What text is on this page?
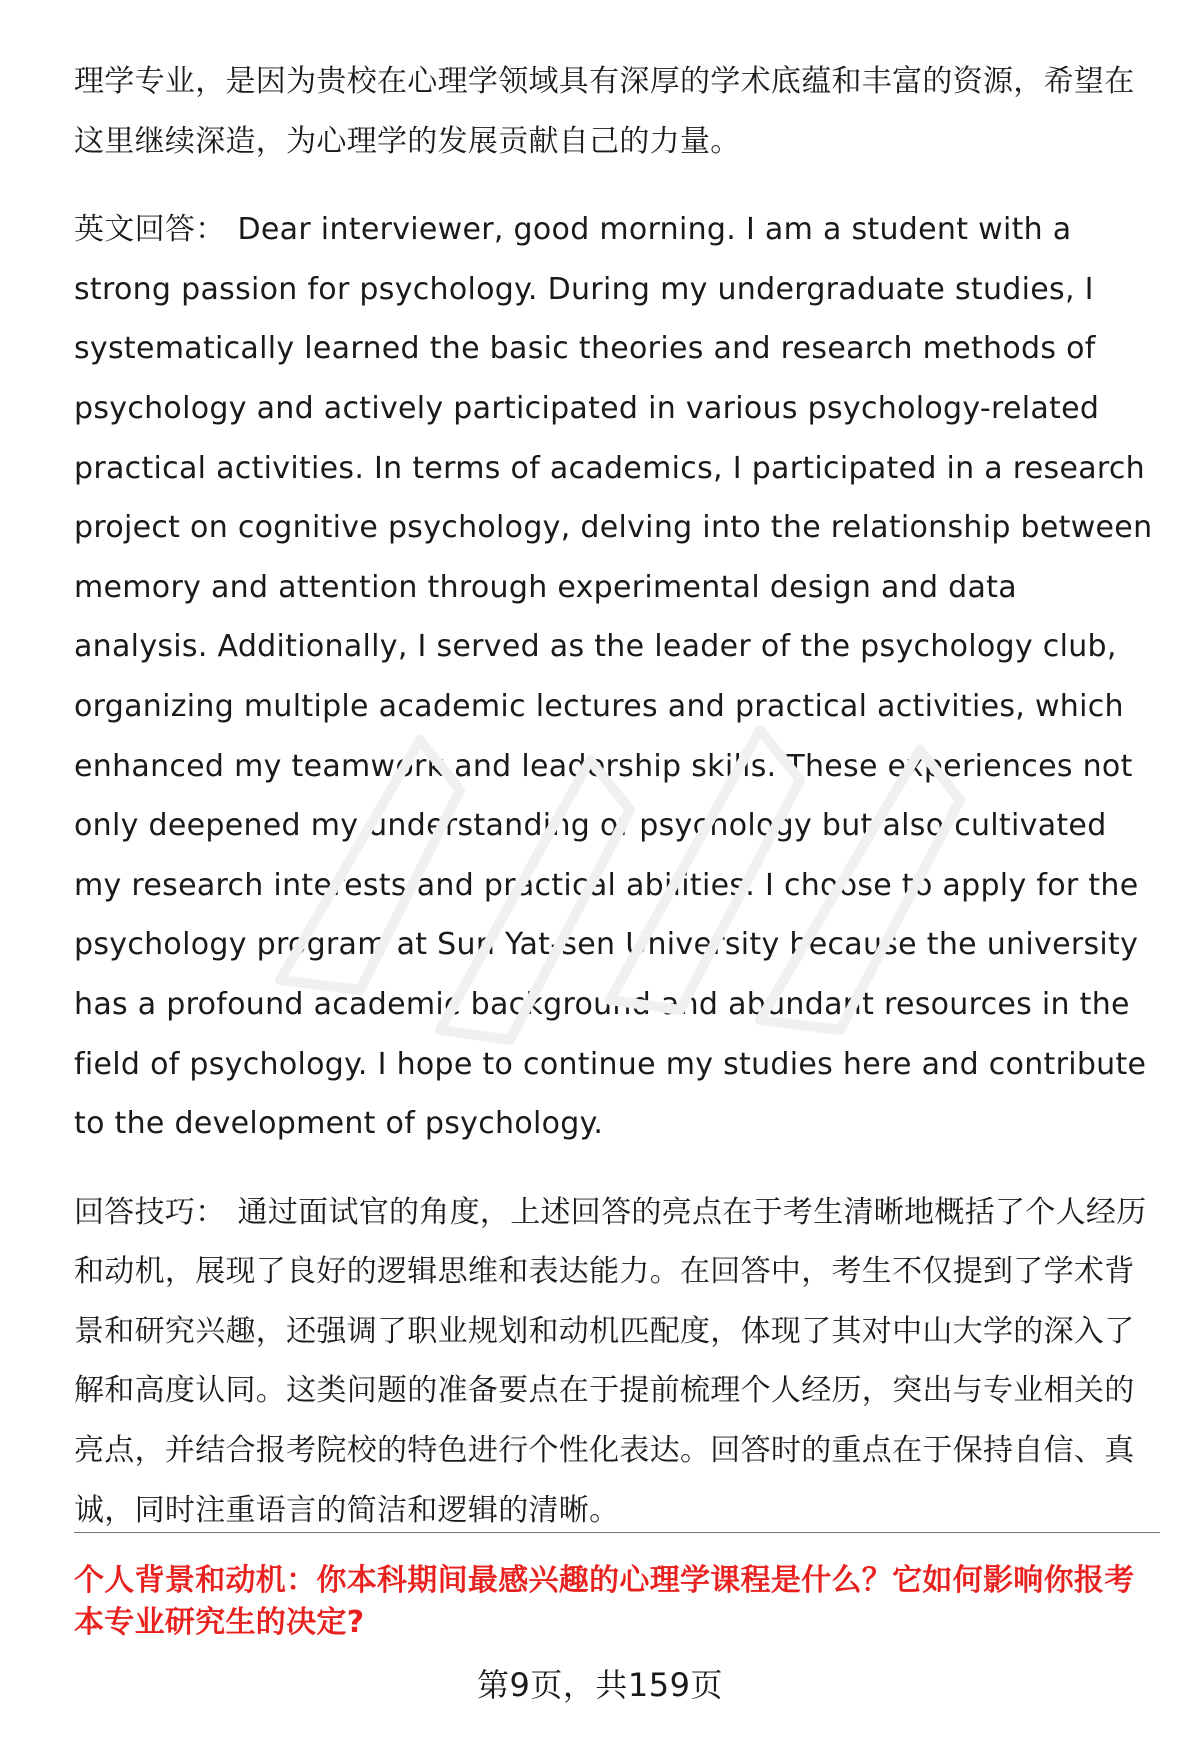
理学专业，是因为贵校在心理学领域具有深厚的学术底蕴和丰富的资源，希望在这里继续深造，为心理学的发展贡献自己的力量。

英文回答： Dear interviewer, good morning. I am a student with a strong passion for psychology. During my undergraduate studies, I systematically learned the basic theories and research methods of psychology and actively participated in various psychology-related practical activities. In terms of academics, I participated in a research project on cognitive psychology, delving into the relationship between memory and attention through experimental design and data analysis. Additionally, I served as the leader of the psychology club, organizing multiple academic lectures and practical activities, which enhanced my teamwork and leadership skills. These experiences not only deepened my understanding of psychology but also cultivated my research interests and practical abilities. I choose to apply for the psychology program at Sun Yat-sen University because the university has a profound academic background and abundant resources in the field of psychology. I hope to continue my studies here and contribute to the development of psychology.

回答技巧： 通过面试官的角度，上述回答的亮点在于考生清晰地概括了个人经历和动机，展现了良好的逻辑思维和表达能力。在回答中，考生不仅提到了学术背景和研究兴趣，还强调了职业规划和动机匹配度，体现了其对中山大学的深入了解和高度认同。这类问题的准备要点在于提前梳理个人经历，突出与专业相关的亮点，并结合报考院校的特色进行个性化表达。回答时的重点在于保持自信、真诚，同时注重语言的简洁和逻辑的清晰。

个人背景和动机：你本科期间最感兴趣的心理学课程是什么？它如何影响你报考本专业研究生的决定?

第9页，共159页
